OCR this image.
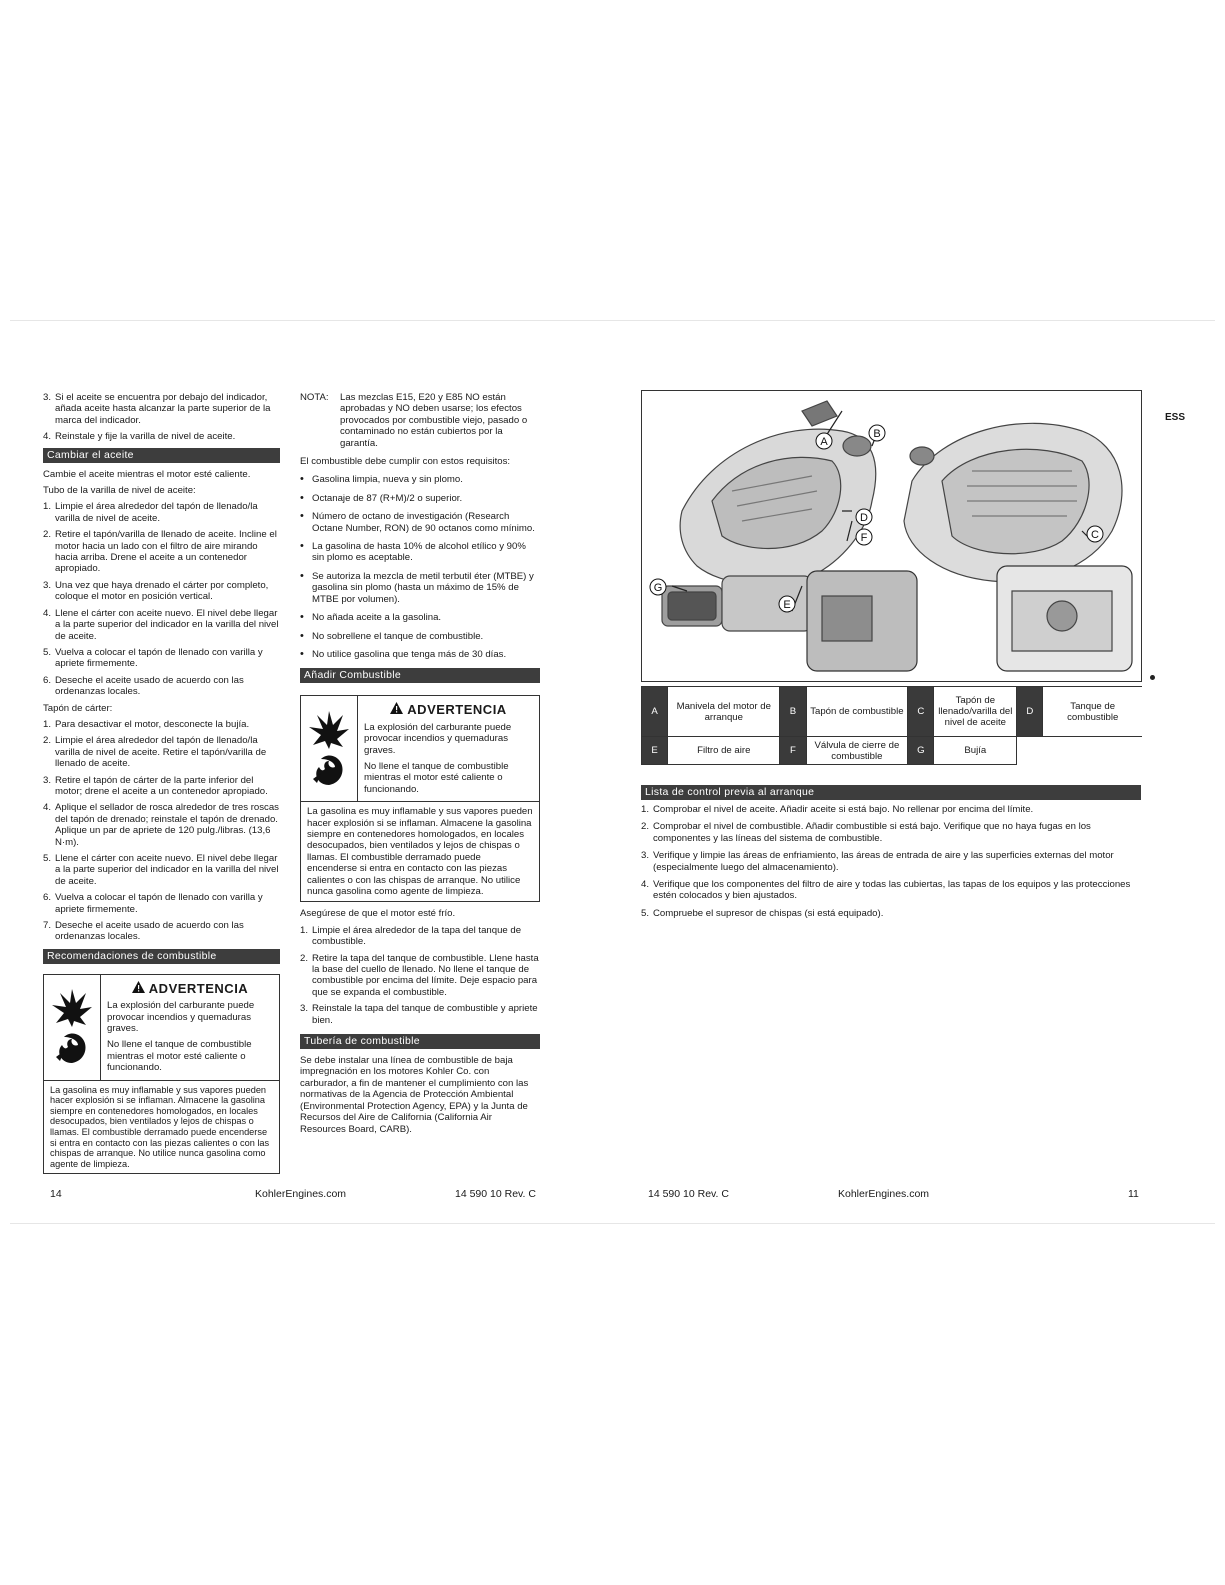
3. Si el aceite se encuentra por debajo del indicador, añada aceite hasta alcanzar la parte superior de la marca del indicador.
4. Reinstale y fije la varilla de nivel de aceite.
Cambiar el aceite

Cambie el aceite mientras el motor esté caliente.

Tubo de la varilla de nivel de aceite:

1. Limpie el área alrededor del tapón de llenado/la varilla de nivel de aceite.
2. Retire el tapón/varilla de llenado de aceite. Incline el motor hacia un lado con el filtro de aire mirando hacia arriba. Drene el aceite a un contenedor apropiado.
3. Una vez que haya drenado el cárter por completo, coloque el motor en posición vertical.
4. Llene el cárter con aceite nuevo. El nivel debe llegar a la parte superior del indicador en la varilla del nivel de aceite.
5. Vuelva a colocar el tapón de llenado con varilla y apriete firmemente.
6. Deseche el aceite usado de acuerdo con las ordenanzas locales.

Tapón de cárter:

1. Para desactivar el motor, desconecte la bujía.
2. Limpie el área alrededor del tapón de llenado/la varilla de nivel de aceite. Retire el tapón/varilla de llenado de aceite.
3. Retire el tapón de cárter de la parte inferior del motor; drene el aceite a un contenedor apropiado.
4. Aplique el sellador de rosca alrededor de tres roscas del tapón de drenado; reinstale el tapón de drenado. Aplique un par de apriete de 120 pulg./libras. (13,6 N·m).
5. Llene el cárter con aceite nuevo. El nivel debe llegar a la parte superior del indicador en la varilla del nivel de aceite.
6. Vuelva a colocar el tapón de llenado con varilla y apriete firmemente.
7. Deseche el aceite usado de acuerdo con las ordenanzas locales.
Recomendaciones de combustible
ADVERTENCIA

La explosión del carburante puede provocar incendios y quemaduras graves.

No llene el tanque de combustible mientras el motor esté caliente o funcionando.

La gasolina es muy inflamable y sus vapores pueden hacer explosión si se inflaman. Almacene la gasolina siempre en contenedores homologados, en locales desocupados, bien ventilados y lejos de chispas o llamas. El combustible derramado puede encenderse si entra en contacto con las piezas calientes o con las chispas de arranque. No utilice nunca gasolina como agente de limpieza.
NOTA:	Las mezclas E15, E20 y E85 NO están aprobadas y NO deben usarse; los efectos provocados por combustible viejo, pasado o contaminado no están cubiertos por la garantía.

El combustible debe cumplir con estos requisitos:

• Gasolina limpia, nueva y sin plomo.
• Octanaje de 87 (R+M)/2 o superior.
• Número de octano de investigación (Research Octane Number, RON) de 90 octanos como mínimo.
• La gasolina de hasta 10% de alcohol etílico y 90% sin plomo es aceptable.
• Se autoriza la mezcla de metil terbutil éter (MTBE) y gasolina sin plomo (hasta un máximo de 15% de MTBE por volumen).
• No añada aceite a la gasolina.
• No sobrellene el tanque de combustible.
• No utilice gasolina que tenga más de 30 días.
Añadir Combustible
ADVERTENCIA

La explosión del carburante puede provocar incendios y quemaduras graves.

No llene el tanque de combustible mientras el motor esté caliente o funcionando.

La gasolina es muy inflamable y sus vapores pueden hacer explosión si se inflaman. Almacene la gasolina siempre en contenedores homologados, en locales desocupados, bien ventilados y lejos de chispas o llamas. El combustible derramado puede encenderse si entra en contacto con las piezas calientes o con las chispas de arranque. No utilice nunca gasolina como agente de limpieza.

Asegúrese de que el motor esté frío.

1. Limpie el área alrededor de la tapa del tanque de combustible.
2. Retire la tapa del tanque de combustible. Llene hasta la base del cuello de llenado. No llene el tanque de combustible por encima del límite. Deje espacio para que se expanda el combustible.
3. Reinstale la tapa del tanque de combustible y apriete bien.
Tubería de combustible

Se debe instalar una línea de combustible de baja impregnación en los motores Kohler Co. con carburador, a fin de mantener el cumplimiento con las normativas de la Agencia de Protección Ambiental (Environmental Protection Agency, EPA) y la Junta de Recursos del Aire de California (California Air Resources Board, CARB).

14	KohlerEngines.com	14 590 10 Rev. C
ESS
A
B
C
D
E
F
G
A	Manivela del motor de arranque	B	Tapón de combustible	C	Tapón de llenado/varilla del nivel de aceite	D	Tanque de combustible
E	Filtro de aire	F	Válvula de cierre de combustible	G	Bujía		
Lista de control previa al arranque
1. Comprobar el nivel de aceite. Añadir aceite si está bajo. No rellenar por encima del límite.
2. Comprobar el nivel de combustible. Añadir combustible si está bajo. Verifique que no haya fugas en los componentes y las líneas del sistema de combustible.
3. Verifique y limpie las áreas de enfriamiento, las áreas de entrada de aire y las superficies externas del motor (especialmente luego del almacenamiento).
4. Verifique que los componentes del filtro de aire y todas las cubiertas, las tapas de los equipos y las protecciones estén colocados y bien ajustados.
5. Compruebe el supresor de chispas (si está equipado).
14 590 10 Rev. C	KohlerEngines.com	11
